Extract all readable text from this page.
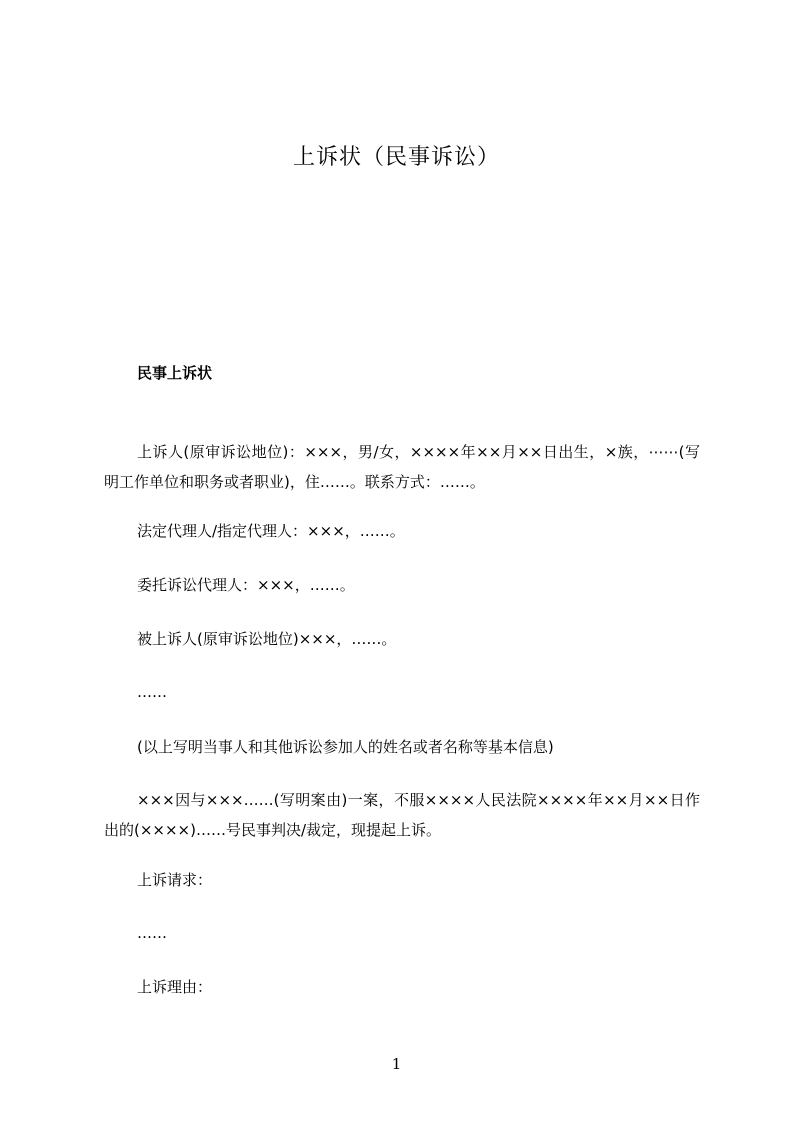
上诉状（民事诉讼）
民事上诉状
上诉人(原审诉讼地位)：×××，男/女，××××年××月××日出生，×族，⋯⋯(写明工作单位和职务或者职业)，住……。联系方式：……。
法定代理人/指定代理人：×××，……。
委托诉讼代理人：×××，……。
被上诉人(原审诉讼地位)×××，……。
……
(以上写明当事人和其他诉讼参加人的姓名或者名称等基本信息)
×××因与×××……(写明案由)一案，不服××××人民法院××××年××月××日作出的(××××)……号民事判决/裁定，现提起上诉。
上诉请求：
……
上诉理由：
1
